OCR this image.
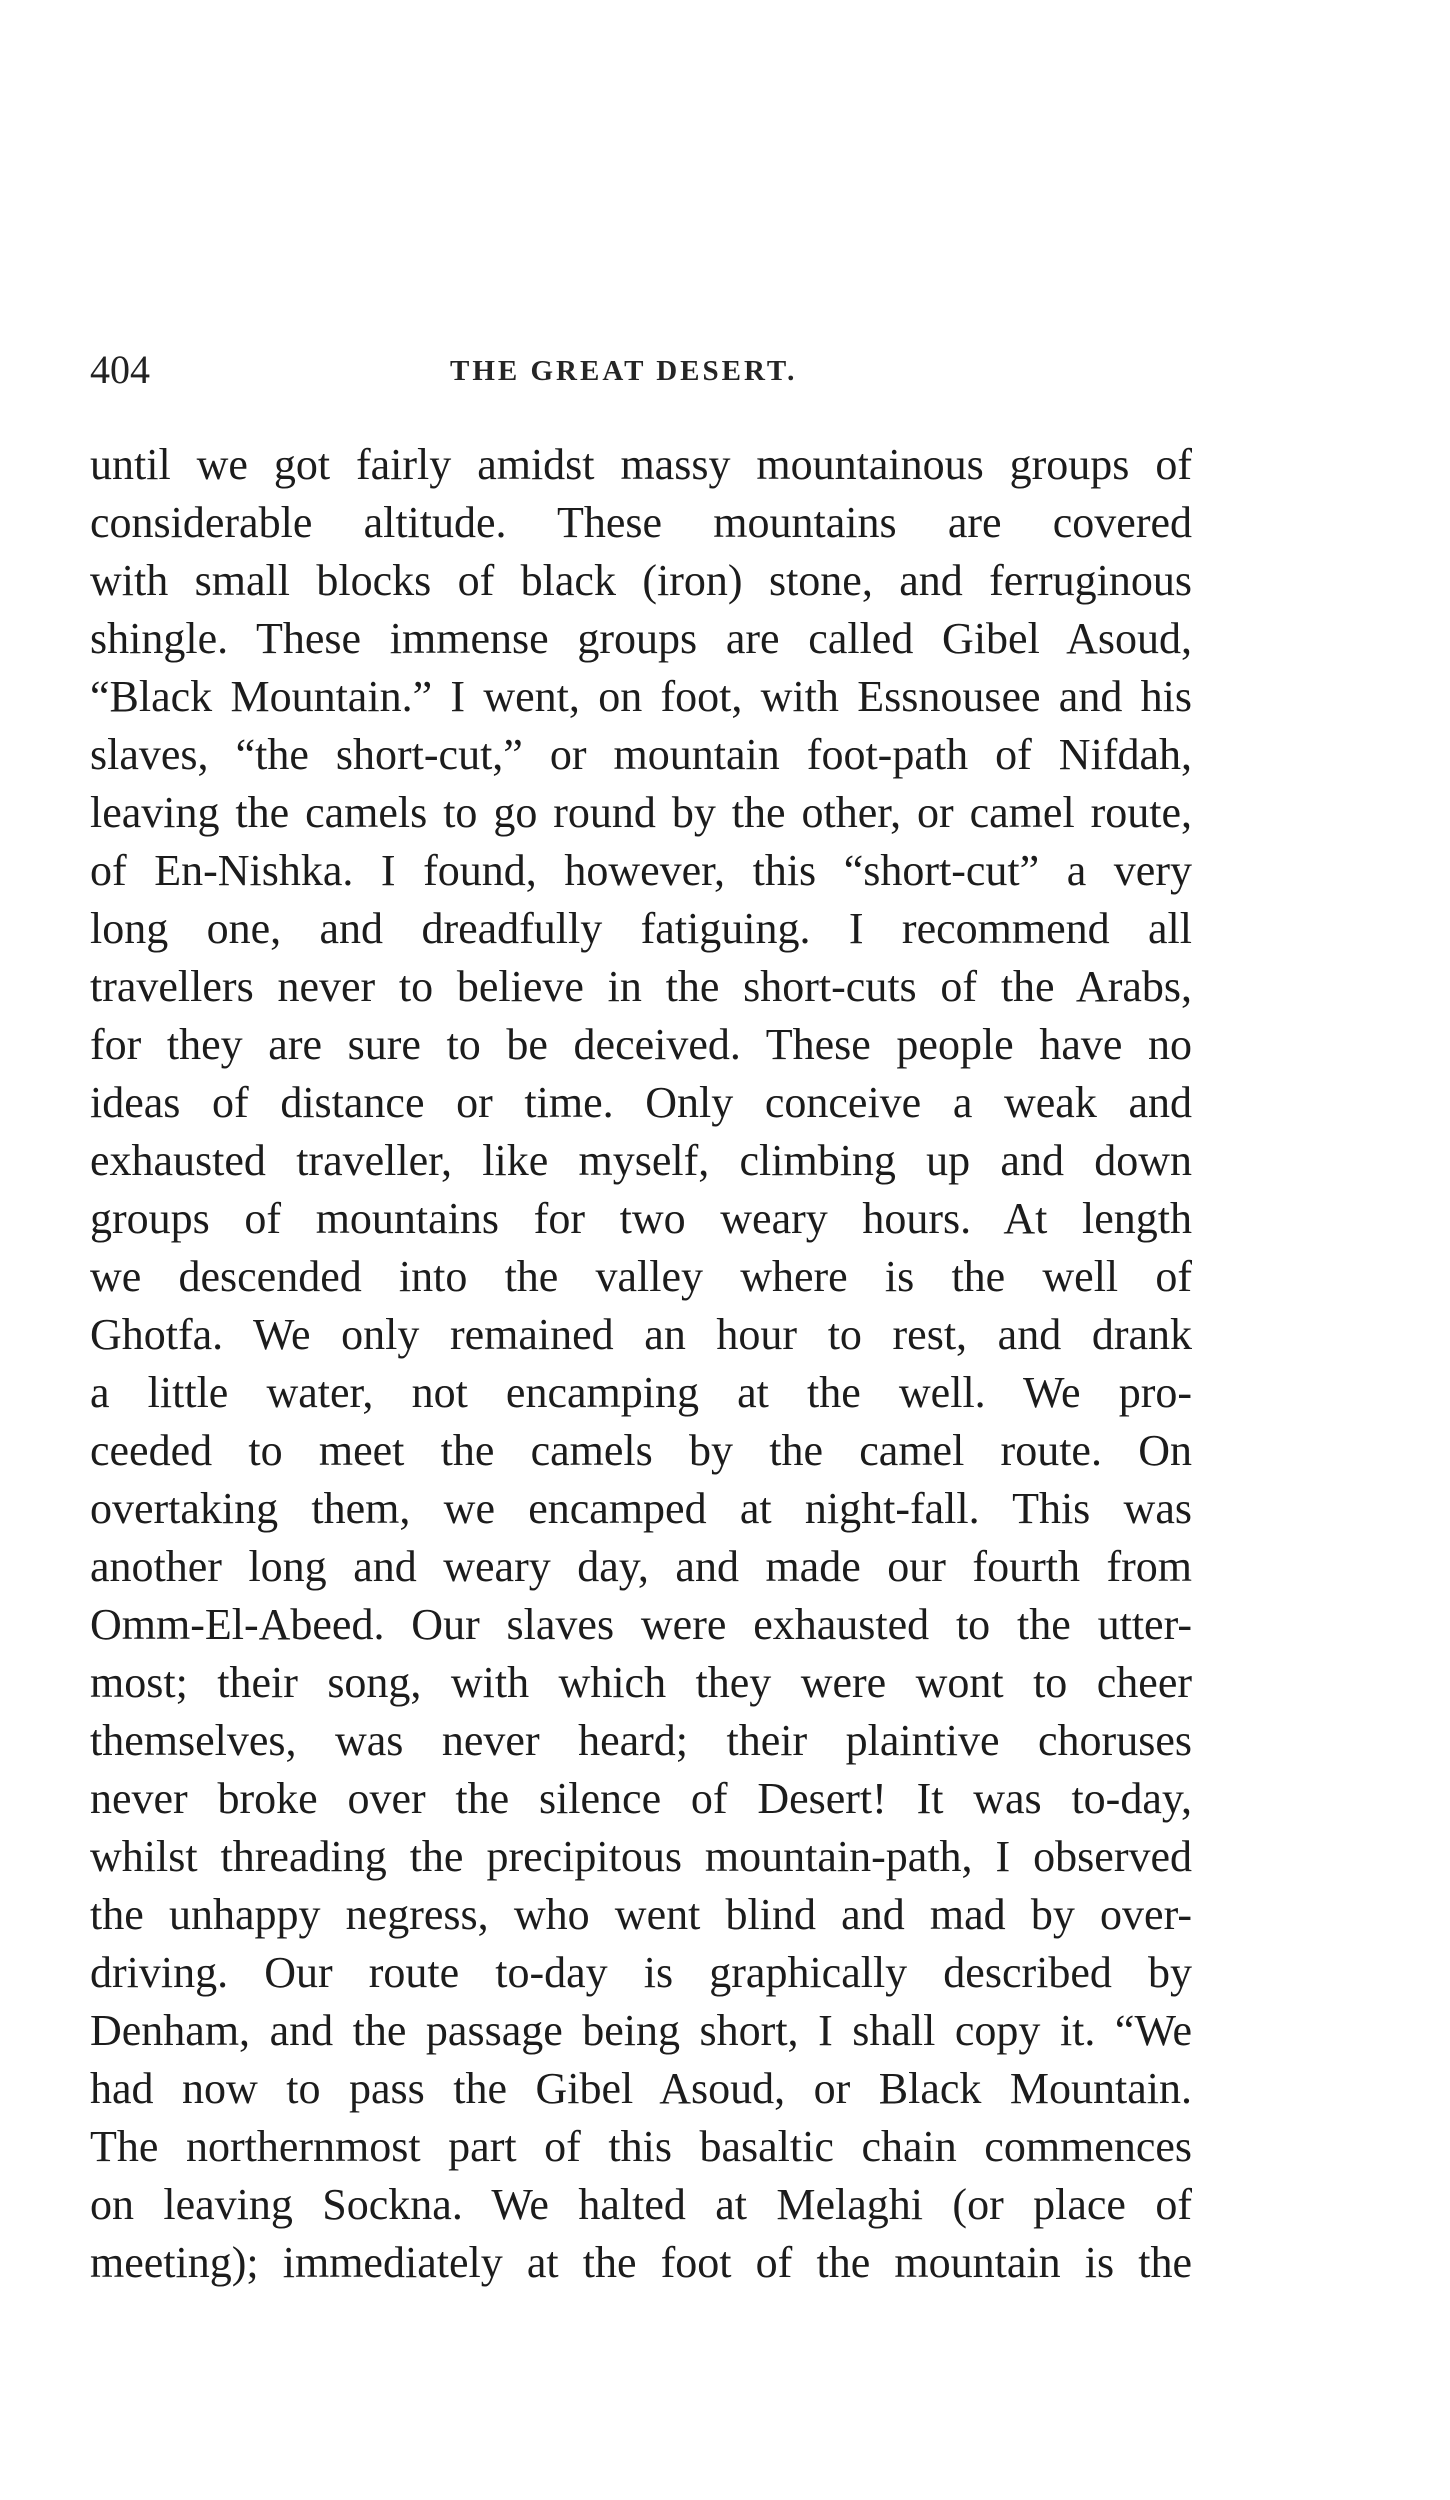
404	THE GREAT DESERT.
until we got fairly amidst massy mountainous groups of
considerable altitude. These mountains are covered
with small blocks of black (iron) stone, and ferruginous
shingle. These immense groups are called Gibel Asoud,
“Black Mountain.” I went, on foot, with Essnousee and his
slaves, “the short-cut,” or mountain foot-path of Nifdah,
leaving the camels to go round by the other, or camel route,
of En-Nishka. I found, however, this “short-cut” a very
long one, and dreadfully fatiguing. I recommend all
travellers never to believe in the short-cuts of the Arabs,
for they are sure to be deceived. These people have no
ideas of distance or time. Only conceive a weak and
exhausted traveller, like myself, climbing up and down
groups of mountains for two weary hours. At length
we descended into the valley where is the well of
Ghotfa. We only remained an hour to rest, and drank
a little water, not encamping at the well. We pro-
ceeded to meet the camels by the camel route. On
overtaking them, we encamped at night-fall. This was
another long and weary day, and made our fourth from
Omm-El-Abeed. Our slaves were exhausted to the utter-
most; their song, with which they were wont to cheer
themselves, was never heard; their plaintive choruses
never broke over the silence of Desert! It was to-day,
whilst threading the precipitous mountain-path, I observed
the unhappy negress, who went blind and mad by over-
driving. Our route to-day is graphically described by
Denham, and the passage being short, I shall copy it. “We
had now to pass the Gibel Asoud, or Black Mountain.
The northernmost part of this basaltic chain commences
on leaving Sockna. We halted at Melaghi (or place of
meeting); immediately at the foot of the mountain is the
